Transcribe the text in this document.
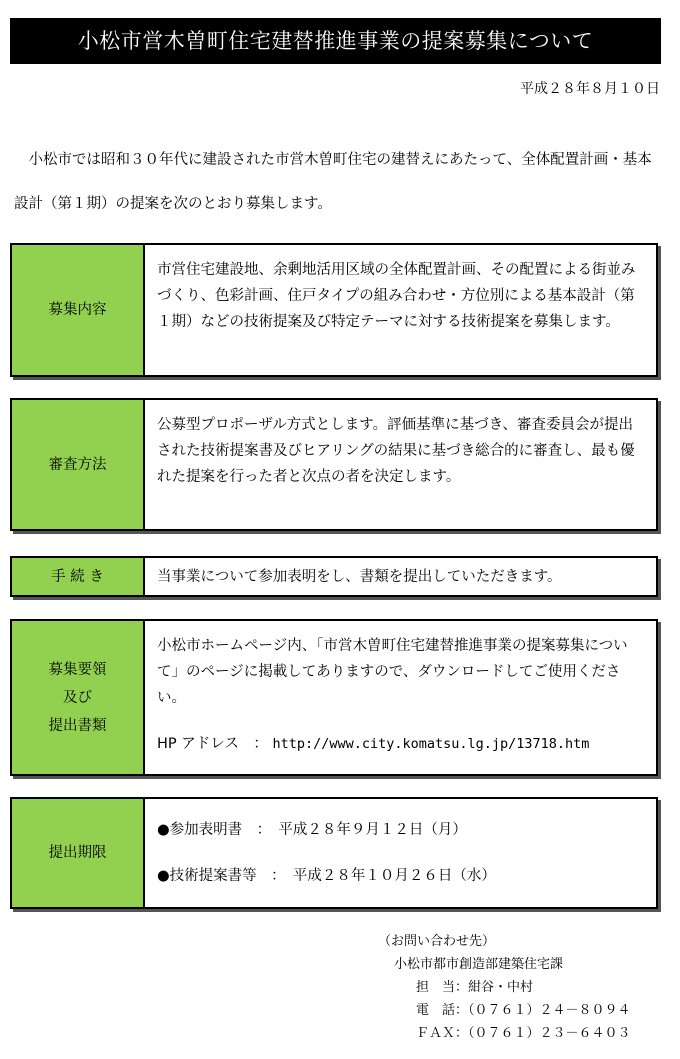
小松市営木曽町住宅建替推進事業の提案募集について
平成２８年８月１０日
小松市では昭和３０年代に建設された市営木曽町住宅の建替えにあたって、全体配置計画・基本設計（第１期）の提案を次のとおり募集します。
募集内容

市営住宅建設地、余剰地活用区域の全体配置計画、その配置による街並みづくり、色彩計画、住戸タイプの組み合わせ・方位別による基本設計（第１期）などの技術提案及び特定テーマに対する技術提案を募集します。

審査方法

公募型プロポーザル方式とします。評価基準に基づき、審査委員会が提出された技術提案書及びヒアリングの結果に基づき総合的に審査し、最も優れた提案を行った者と次点の者を決定します。

手 続 き	当事業について参加表明をし、書類を提出していただきます。

募集要領
及び
提出書類

小松市ホームページ内、「市営木曽町住宅建替推進事業の提案募集について」のページに掲載してありますので、ダウンロードしてご使用ください。

HP アドレス　： http://www.city.komatsu.lg.jp/13718.htm

提出期限

●参加表明書　：　平成２８年９月１２日（月）

●技術提案書等　：　平成２８年１０月２６日（水）

（お問い合わせ先）
小松市都市創造部建築住宅課
担　当：紺谷・中村
電　話：（０７６１）２４－８０９４
ＦＡＸ：（０７６１）２３－６４０３
